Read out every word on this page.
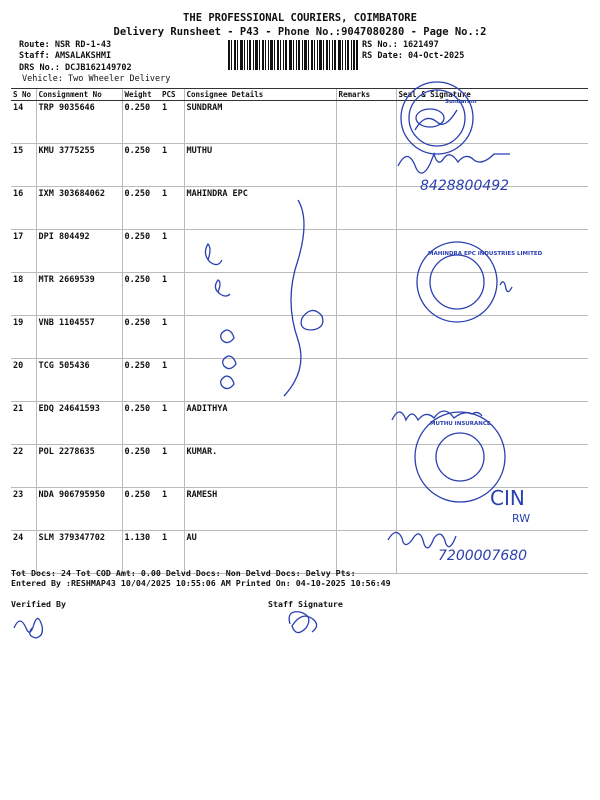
THE PROFESSIONAL COURIERS, COIMBATORE
Delivery Runsheet - P43 - Phone No.:9047080280 - Page No.:2
Route: NSR RD-1-43
Staff: AMSALAKSHMI
DRS No.: DCJB162149702
Vehicle: Two Wheeler Delivery
RS No.: 1621497
RS Date: 04-Oct-2025
S No	Consignment No	Weight	PCS	Consignee Details	Remarks	Seal & Signature
14	TRP 9035646	0.250	1	SUNDRAM		
15	KMU 3775255	0.250	1	MUTHU		
16	IXM 303684062	0.250	1	MAHINDRA EPC		
17	DPI 804492	0.250	1			
18	MTR 2669539	0.250	1			
19	VNB 1104557	0.250	1			
20	TCG 505436	0.250	1			
21	EDQ 24641593	0.250	1	AADITHYA		
22	POL 2278635	0.250	1	KUMAR.		
23	NDA 906795950	0.250	1	RAMESH		
24	SLM 379347702	1.130	1	AU		
Sundaram
8428800492
MAHINDRA EPC INDUSTRIES LIMITED
MUTHU INSURANCE
CIN
RW
7200007680
Tot Docs: 24 Tot COD Amt: 0.00 Delvd Docs: Non Delvd Docs: Delvy Pts:
Entered By :RESHMAP43 10/04/2025 10:55:06 AM Printed On: 04-10-2025 10:56:49
Verified By	Staff Signature
